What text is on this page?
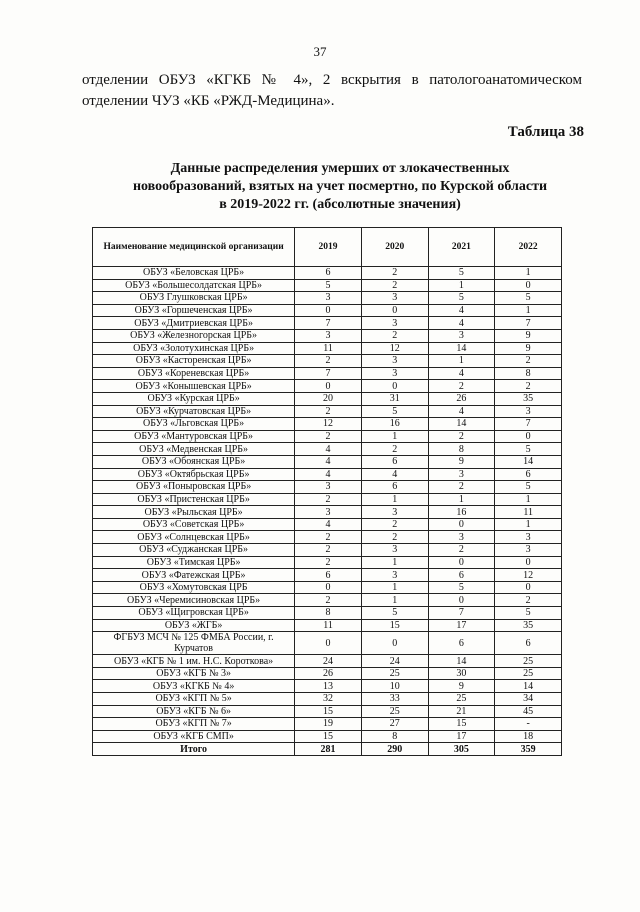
37
отделении ОБУЗ «КГКБ № 4», 2 вскрытия в патологоанатомическом отделении ЧУЗ «КБ «РЖД-Медицина».
Таблица 38
Данные распределения умерших от злокачественных
новообразований, взятых на учет посмертно, по Курской области
в 2019-2022 гг. (абсолютные значения)
Наименование медицинской организации	2019	2020	2021	2022
ОБУЗ «Беловская ЦРБ»	6	2	5	1
ОБУЗ «Большесолдатская ЦРБ»	5	2	1	0
ОБУЗ Глушковская ЦРБ»	3	3	5	5
ОБУЗ «Горшеченская ЦРБ»	0	0	4	1
ОБУЗ «Дмитриевская ЦРБ»	7	3	4	7
ОБУЗ «Железногорская ЦРБ»	3	2	3	9
ОБУЗ «Золотухинская ЦРБ»	11	12	14	9
ОБУЗ «Касторенская ЦРБ»	2	3	1	2
ОБУЗ «Кореневская ЦРБ»	7	3	4	8
ОБУЗ «Конышевская ЦРБ»	0	0	2	2
ОБУЗ «Курская ЦРБ»	20	31	26	35
ОБУЗ «Курчатовская ЦРБ»	2	5	4	3
ОБУЗ «Льговская ЦРБ»	12	16	14	7
ОБУЗ «Мантуровская ЦРБ»	2	1	2	0
ОБУЗ «Медвенская ЦРБ»	4	2	8	5
ОБУЗ «Обоянская ЦРБ»	4	6	9	14
ОБУЗ «Октябрьская ЦРБ»	4	4	3	6
ОБУЗ «Поныровская ЦРБ»	3	6	2	5
ОБУЗ «Пристенская ЦРБ»	2	1	1	1
ОБУЗ «Рыльская ЦРБ»	3	3	16	11
ОБУЗ «Советская ЦРБ»	4	2	0	1
ОБУЗ «Солнцевская ЦРБ»	2	2	3	3
ОБУЗ «Суджанская ЦРБ»	2	3	2	3
ОБУЗ «Тимская ЦРБ»	2	1	0	0
ОБУЗ «Фатежская ЦРБ»	6	3	6	12
ОБУЗ «Хомутовская ЦРБ	0	1	5	0
ОБУЗ «Черемисиновская ЦРБ»	2	1	0	2
ОБУЗ «Щигровская ЦРБ»	8	5	7	5
ОБУЗ «ЖГБ»	11	15	17	35
ФГБУЗ МСЧ № 125 ФМБА России, г. Курчатов	0	0	6	6
ОБУЗ «КГБ № 1 им. Н.С. Короткова»	24	24	14	25
ОБУЗ «КГБ № 3»	26	25	30	25
ОБУЗ «КГКБ № 4»	13	10	9	14
ОБУЗ «КГП № 5»	32	33	25	34
ОБУЗ «КГБ № 6»	15	25	21	45
ОБУЗ «КГП № 7»	19	27	15	-
ОБУЗ «КГБ СМП»	15	8	17	18
Итого	281	290	305	359
